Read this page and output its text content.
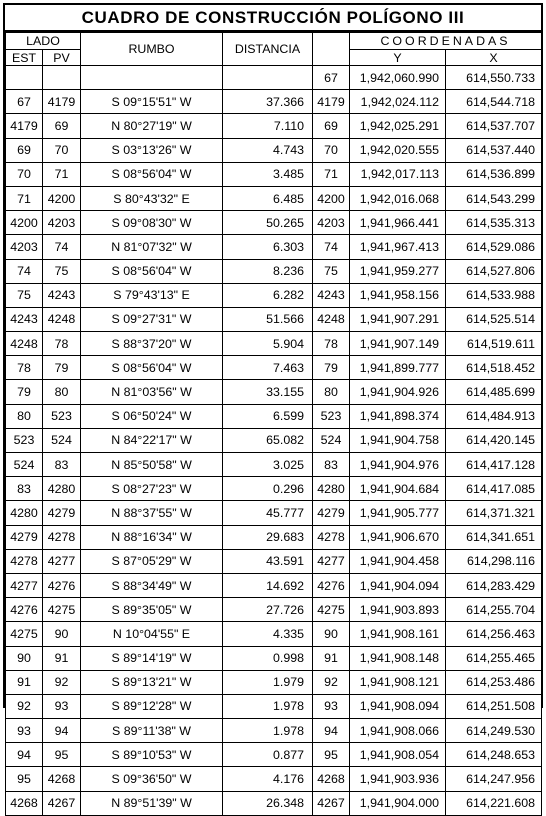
CUADRO DE CONSTRUCCIÓN POLÍGONO III
LADO		RUMBO	DISTANCIA		COORDENADAS	
EST	PV				Y	X
				67	1,942,060.990	614,550.733
67	4179	S 09°15'51" W	37.366	4179	1,942,024.112	614,544.718
4179	69	N 80°27'19" W	7.110	69	1,942,025.291	614,537.707
69	70	S 03°13'26" W	4.743	70	1,942,020.555	614,537.440
70	71	S 08°56'04" W	3.485	71	1,942,017.113	614,536.899
71	4200	S 80°43'32" E	6.485	4200	1,942,016.068	614,543.299
4200	4203	S 09°08'30" W	50.265	4203	1,941,966.441	614,535.313
4203	74	N 81°07'32" W	6.303	74	1,941,967.413	614,529.086
74	75	S 08°56'04" W	8.236	75	1,941,959.277	614,527.806
75	4243	S 79°43'13" E	6.282	4243	1,941,958.156	614,533.988
4243	4248	S 09°27'31" W	51.566	4248	1,941,907.291	614,525.514
4248	78	S 88°37'20" W	5.904	78	1,941,907.149	614,519.611
78	79	S 08°56'04" W	7.463	79	1,941,899.777	614,518.452
79	80	N 81°03'56" W	33.155	80	1,941,904.926	614,485.699
80	523	S 06°50'24" W	6.599	523	1,941,898.374	614,484.913
523	524	N 84°22'17" W	65.082	524	1,941,904.758	614,420.145
524	83	N 85°50'58" W	3.025	83	1,941,904.976	614,417.128
83	4280	S 08°27'23" W	0.296	4280	1,941,904.684	614,417.085
4280	4279	N 88°37'55" W	45.777	4279	1,941,905.777	614,371.321
4279	4278	N 88°16'34" W	29.683	4278	1,941,906.670	614,341.651
4278	4277	S 87°05'29" W	43.591	4277	1,941,904.458	614,298.116
4277	4276	S 88°34'49" W	14.692	4276	1,941,904.094	614,283.429
4276	4275	S 89°35'05" W	27.726	4275	1,941,903.893	614,255.704
4275	90	N 10°04'55" E	4.335	90	1,941,908.161	614,256.463
90	91	S 89°14'19" W	0.998	91	1,941,908.148	614,255.465
91	92	S 89°13'21" W	1.979	92	1,941,908.121	614,253.486
92	93	S 89°12'28" W	1.978	93	1,941,908.094	614,251.508
93	94	S 89°11'38" W	1.978	94	1,941,908.066	614,249.530
94	95	S 89°10'53" W	0.877	95	1,941,908.054	614,248.653
95	4268	S 09°36'50" W	4.176	4268	1,941,903.936	614,247.956
4268	4267	N 89°51'39" W	26.348	4267	1,941,904.000	614,221.608
